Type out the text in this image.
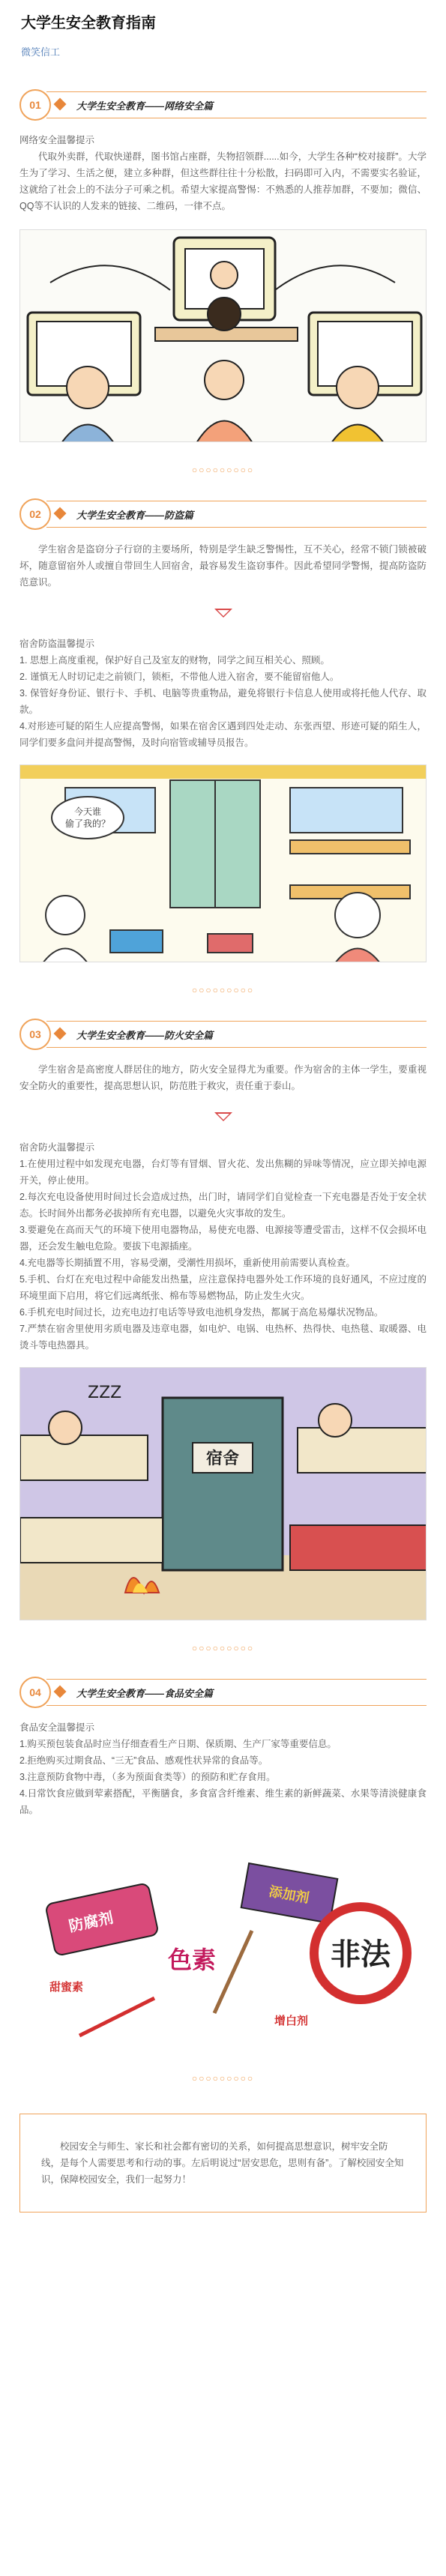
大学生安全教育指南
微笑信工
01	大学生安全教育——网络安全篇

网络安全温馨提示

代取外卖群，代取快递群，图书馆占座群，失物招领群......如今，大学生各种“校对接群”。大学生为了学习、生活之便，建立多种群，但这些群往往十分松散，扫码即可入内，不需要实名验证，这就给了社会上的不法分子可乘之机。希望大家提高警惕：不熟悉的人推荐加群，不要加；微信、QQ等不认识的人发来的链接、二维码，一律不点。

○○○○○○○○○
02	大学生安全教育——防盗篇

学生宿舍是盗窃分子行窃的主要场所，特别是学生缺乏警惕性，互不关心，经常不锁门锁被破坏，随意留宿外人或擅自带回生人回宿舍，最容易发生盗窃事件。因此希望同学警惕，提高防盗防范意识。

宿舍防盗温馨提示

1. 思想上高度重视，保护好自己及室友的财物，同学之间互相关心、照顾。

2. 谨慎无人时切记走之前锁门，锁柜，不带他人进入宿舍，要不能留宿他人。

3. 保管好身份证、银行卡、手机、电脑等贵重物品，避免将银行卡信息人使用或将托他人代存、取款。

4.对形迹可疑的陌生人应提高警惕，如果在宿舍区遇到四处走动、东张西望、形迹可疑的陌生人，同学们要多盘问并提高警惕，及时向宿管或辅导员报告。

今天谁
偷了我的？
○○○○○○○○○
03	大学生安全教育——防火安全篇

学生宿舍是高密度人群居住的地方，防火安全显得尤为重要。作为宿舍的主体一学生，要重视安全防火的重要性，提高思想认识，防范胜于救灾，责任重于泰山。

宿舍防火温馨提示

1.在使用过程中如发现充电器，台灯等有冒烟、冒火花、发出焦糊的异味等情况，应立即关掉电源开关，停止使用。

2.每次充电设备使用时间过长会造成过热，出门时，请同学们自觉检查一下充电器是否处于安全状态。长时间外出都务必拔掉所有充电器，以避免火灾事故的发生。

3.要避免在高而天气的环境下使用电器物品，易使充电器、电源接等遭受雷击，这样不仅会损坏电器，还会发生触电危险。要拔下电源插座。

4.充电器等长期插置不用，容易受潮，受潮性用损坏，重新使用前需要认真检查。

5.手机、台灯在充电过程中命能发出热量，应注意保持电器外处工作环境的良好通风，不应过度的环境里面下启用，将它们远离纸张、棉布等易燃物品，防止发生火灾。

6.手机充电时间过长，边充电边打电话等导致电池机身发热，都属于高危易爆状况物品。

7.严禁在宿舍里使用劣质电器及违章电器，如电炉、电锅、电热杯、热得快、电热毯、取暖器、电烫斗等电热器具。

宿舍
ZZZ
○○○○○○○○○
04	大学生安全教育——食品安全篇

食品安全温馨提示

1.购买预包装食品时应当仔细查看生产日期、保质期、生产厂家等重要信息。

2.拒绝购买过期食品、“三无”食品、感观性状异常的食品等。

3.注意预防食物中毒，（多为预面食类等）的预防和贮存食用。

4.日常饮食应做到荤素搭配，平衡膳食，多食富含纤维素、维生素的新鲜蔬菜、水果等清淡健康食品。

防腐剂
添加剂
色素	非法
甜蜜素
增白剂
○○○○○○○○○

校园安全与师生、家长和社会都有密切的关系，如何提高思想意识，树牢安全防线，是每个人需要思考和行动的事。左后明说过“居安思危，思则有备”。了解校园安全知识，保障校园安全，我们一起努力！
